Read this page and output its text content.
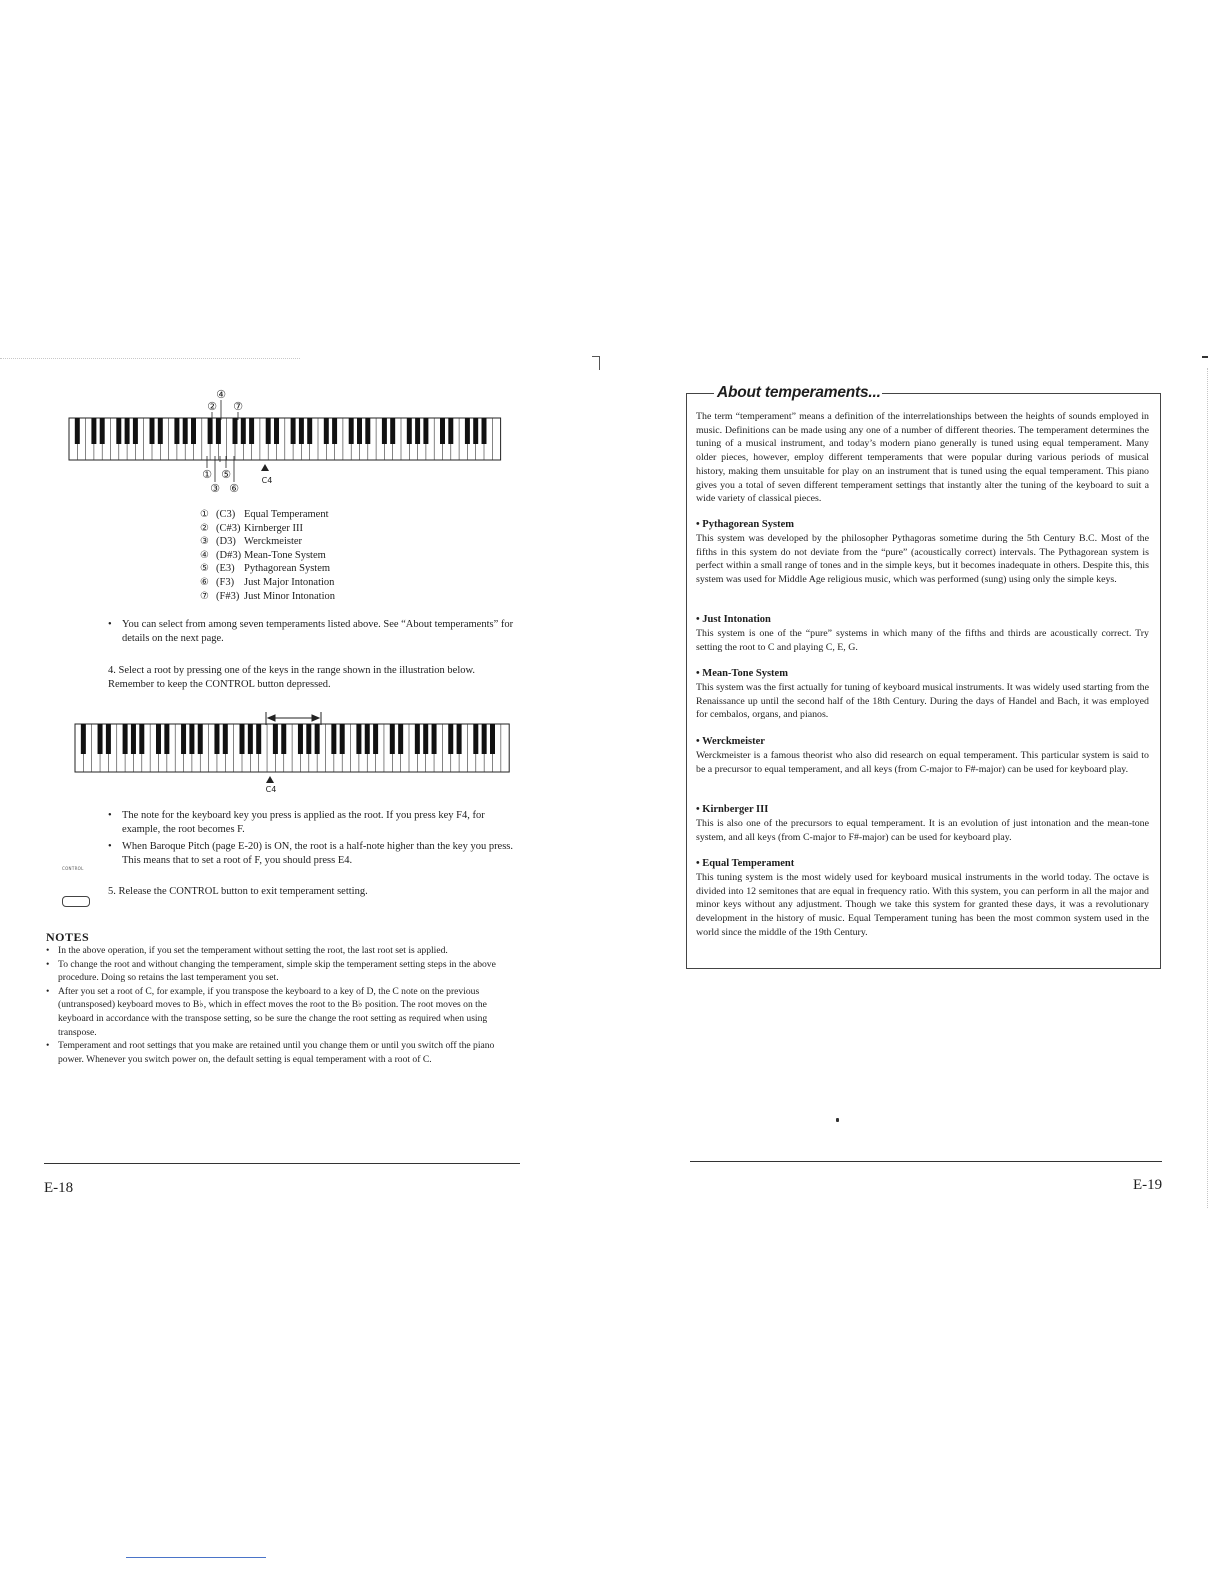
④
② ⑦
① ⑤
③ ⑥
C4
① (C3) Equal Temperament
② (C#3) Kirnberger III
③ (D3) Werckmeister
④ (D#3) Mean-Tone System
⑤ (E3) Pythagorean System
⑥ (F3) Just Major Intonation
⑦ (F#3) Just Minor Intonation
• You can select from among seven temperaments listed above. See “About temperaments” for details on the next page.
4. Select a root by pressing one of the keys in the range shown in the illustration below. Remember to keep the CONTROL button depressed.
C4
• The note for the keyboard key you press is applied as the root. If you press key F4, for example, the root becomes F.
• When Baroque Pitch (page E-20) is ON, the root is a half-note higher than the key you press. This means that to set a root of F, you should press E4.
CONTROL
5. Release the CONTROL button to exit temperament setting.
NOTES
• In the above operation, if you set the temperament without setting the root, the last root set is applied.
• To change the root and without changing the temperament, simple skip the temperament setting steps in the above procedure. Doing so retains the last temperament you set.
• After you set a root of C, for example, if you transpose the keyboard to a key of D, the C note on the previous (untransposed) keyboard moves to B♭, which in effect moves the root to the B♭ position. The root moves on the keyboard in accordance with the transpose setting, so be sure the change the root setting as required when using transpose.
• Temperament and root settings that you make are retained until you change them or until you switch off the piano power. Whenever you switch power on, the default setting is equal temperament with a root of C.
E-18
About temperaments...
The term “temperament” means a definition of the interrelationships between the heights of sounds employed in music. Definitions can be made using any one of a number of different theories. The temperament determines the tuning of a musical instrument, and today’s modern piano generally is tuned using equal temperament. Many older pieces, however, employ different temperaments that were popular during various periods of musical history, making them unsuitable for play on an instrument that is tuned using the equal temperament. This piano gives you a total of seven different temperament settings that instantly alter the tuning of the keyboard to suit a wide variety of classical pieces.
• Pythagorean System
This system was developed by the philosopher Pythagoras sometime during the 5th Century B.C. Most of the fifths in this system do not deviate from the “pure” (acoustically correct) intervals. The Pythagorean system is perfect within a small range of tones and in the simple keys, but it becomes inadequate in others. Despite this, this system was used for Middle Age religious music, which was performed (sung) using only the simple keys.
• Just Intonation
This system is one of the “pure” systems in which many of the fifths and thirds are acoustically correct. Try setting the root to C and playing C, E, G.
• Mean-Tone System
This system was the first actually for tuning of keyboard musical instruments. It was widely used starting from the Renaissance up until the second half of the 18th Century. During the days of Handel and Bach, it was employed for cembalos, organs, and pianos.
• Werckmeister
Werckmeister is a famous theorist who also did research on equal temperament. This particular system is said to be a precursor to equal temperament, and all keys (from C-major to F#-major) can be used for keyboard play.
• Kirnberger III
This is also one of the precursors to equal temperament. It is an evolution of just intonation and the mean-tone system, and all keys (from C-major to F#-major) can be used for keyboard play.
• Equal Temperament
This tuning system is the most widely used for keyboard musical instruments in the world today. The octave is divided into 12 semitones that are equal in frequency ratio. With this system, you can perform in all the major and minor keys without any adjustment. Though we take this system for granted these days, it was a revolutionary development in the history of music. Equal Temperament tuning has been the most common system used in the world since the middle of the 19th Century.
E-19
